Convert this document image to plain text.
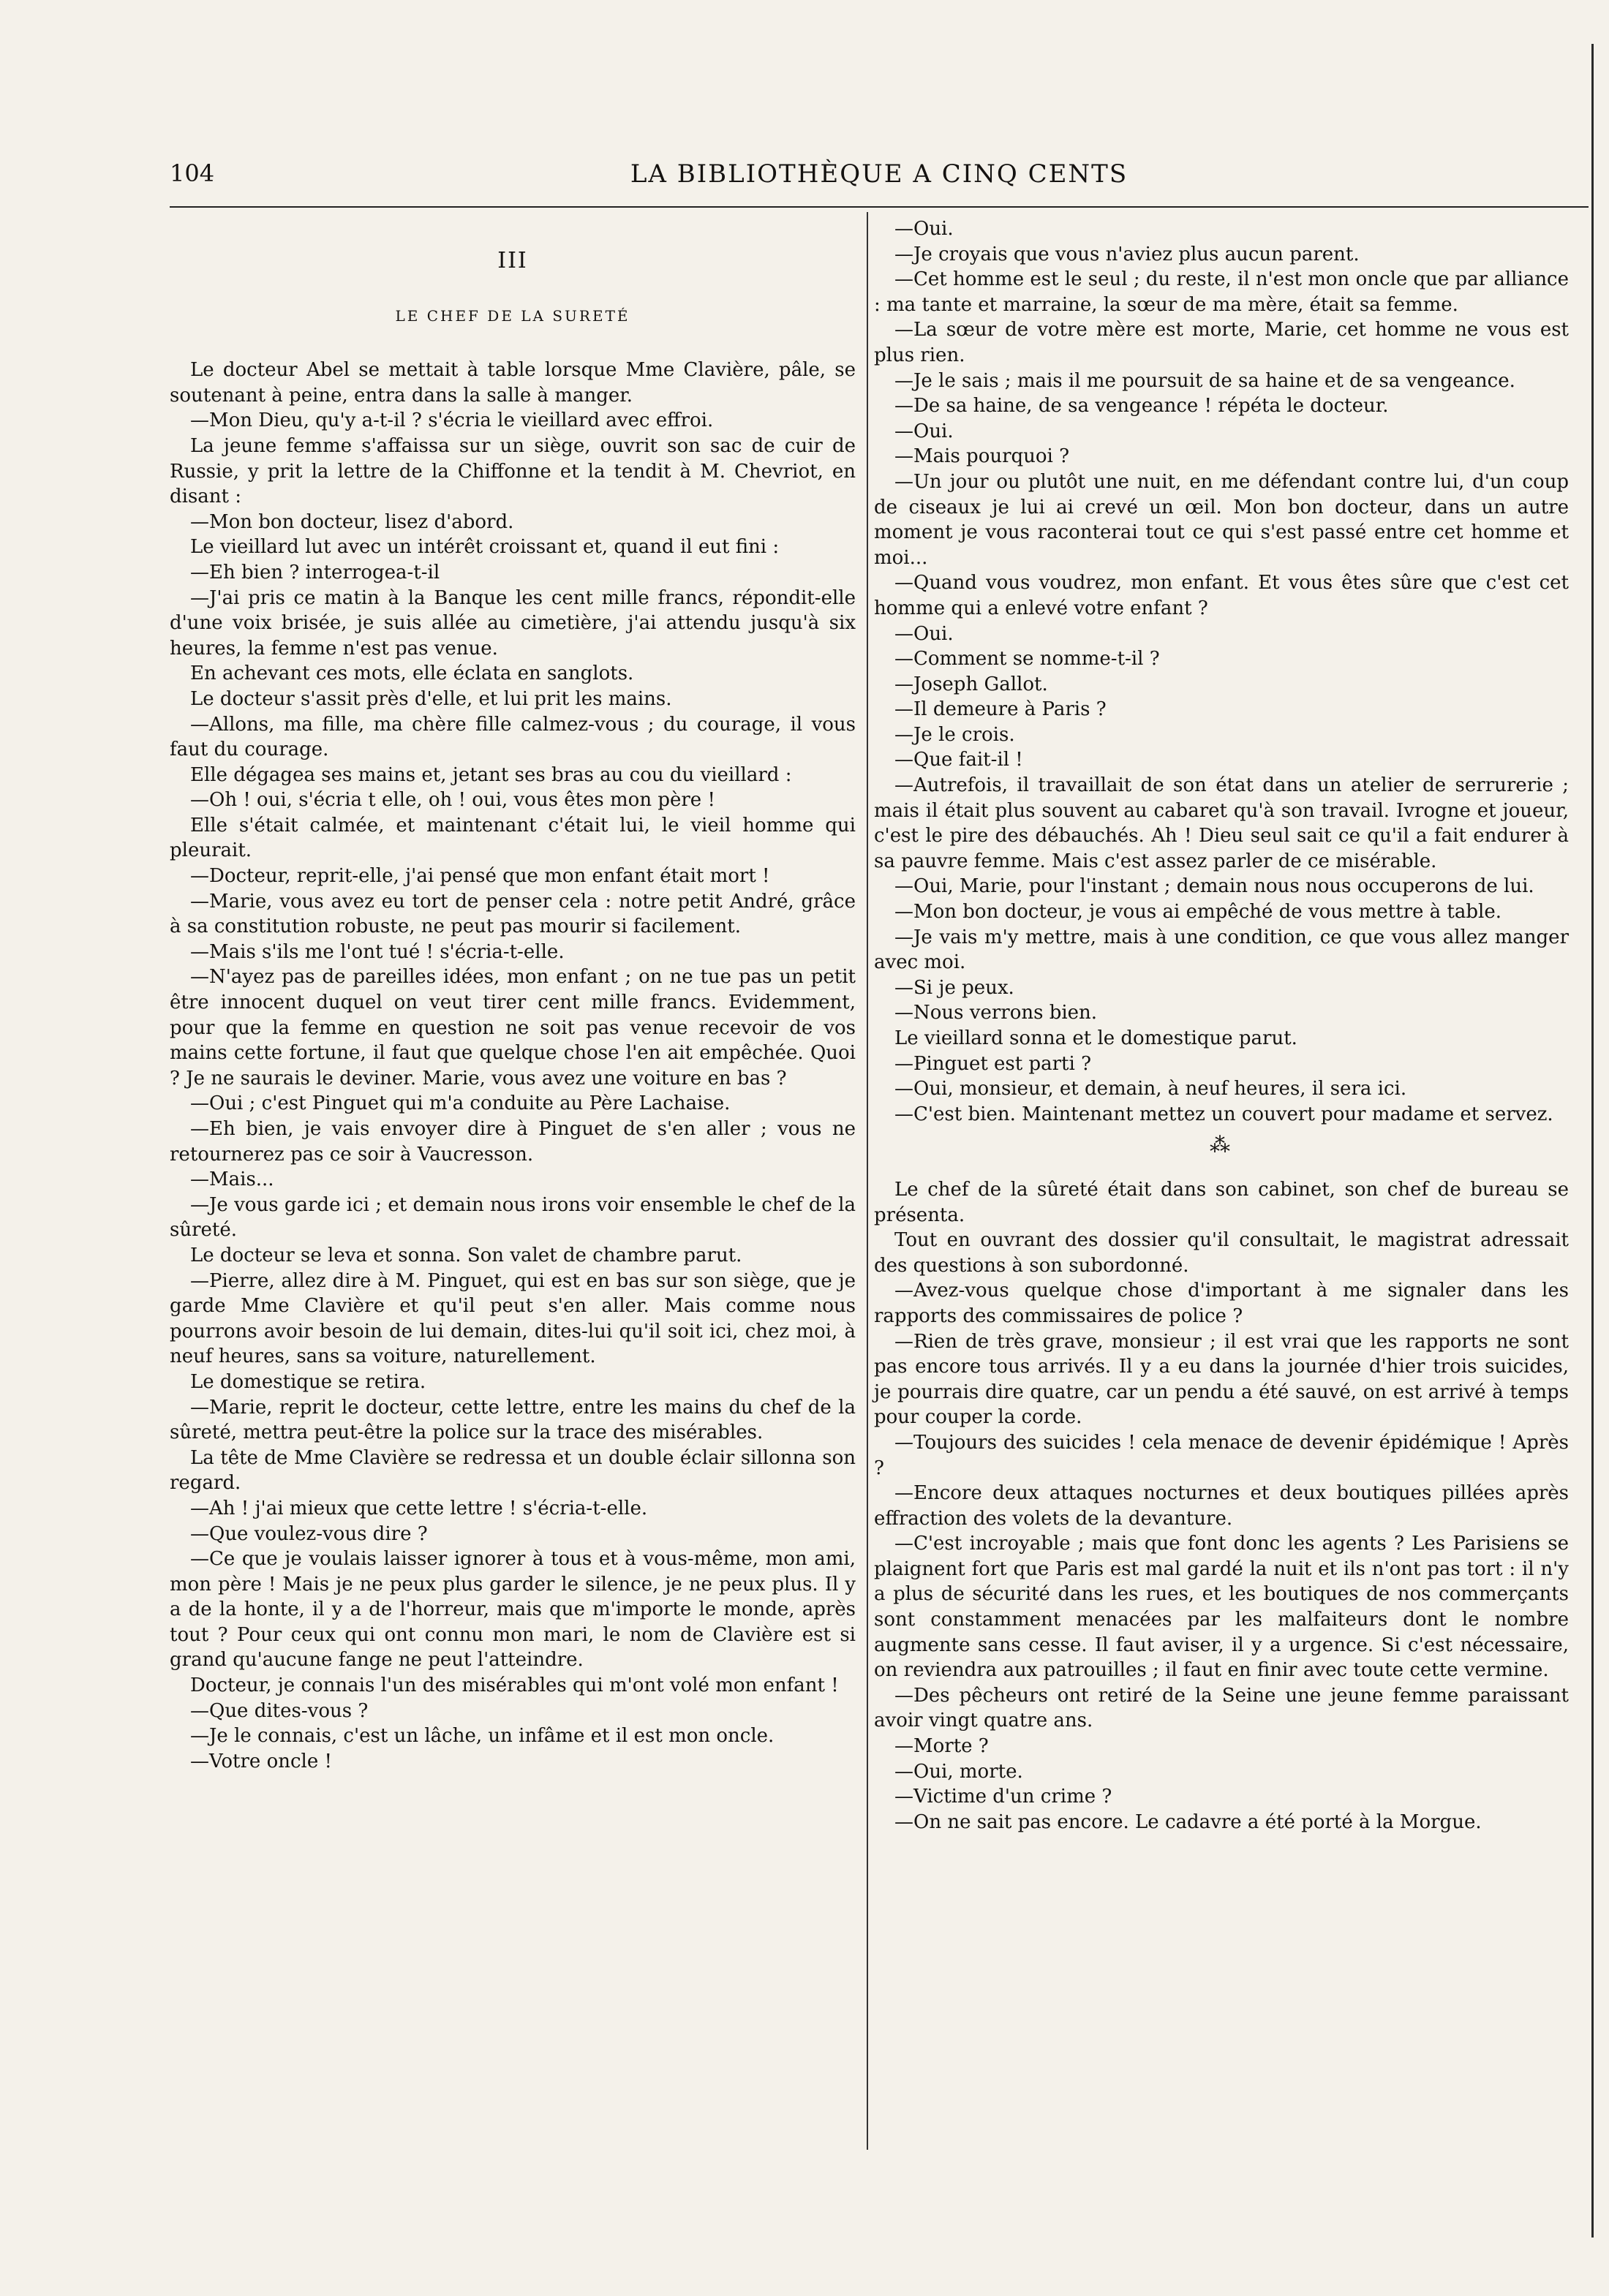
104	LA BIBLIOTHÈQUE A CINQ CENTS
III
LE CHEF DE LA SURETÉ

Le docteur Abel se mettait à table lorsque Mme Clavière, pâle, se soutenant à peine, entra dans la salle à manger.

—Mon Dieu, qu'y a-t-il ? s'écria le vieillard avec effroi.

La jeune femme s'affaissa sur un siège, ouvrit son sac de cuir de Russie, y prit la lettre de la Chiffonne et la tendit à M. Chevriot, en disant :

—Mon bon docteur, lisez d'abord.

Le vieillard lut avec un intérêt croissant et, quand il eut fini :

—Eh bien ? interrogea-t-il

—J'ai pris ce matin à la Banque les cent mille francs, répondit-elle d'une voix brisée, je suis allée au cimetière, j'ai attendu jusqu'à six heures, la femme n'est pas venue.

En achevant ces mots, elle éclata en sanglots.

Le docteur s'assit près d'elle, et lui prit les mains.

—Allons, ma fille, ma chère fille calmez-vous ; du courage, il vous faut du courage.

Elle dégagea ses mains et, jetant ses bras au cou du vieillard :

—Oh ! oui, s'écria t elle, oh ! oui, vous êtes mon père !

Elle s'était calmée, et maintenant c'était lui, le vieil homme qui pleurait.

—Docteur, reprit-elle, j'ai pensé que mon enfant était mort !

—Marie, vous avez eu tort de penser cela : notre petit André, grâce à sa constitution robuste, ne peut pas mourir si facilement.

—Mais s'ils me l'ont tué ! s'écria-t-elle.

—N'ayez pas de pareilles idées, mon enfant ; on ne tue pas un petit être innocent duquel on veut tirer cent mille francs. Evidemment, pour que la femme en question ne soit pas venue recevoir de vos mains cette fortune, il faut que quelque chose l'en ait empêchée. Quoi ? Je ne saurais le deviner. Marie, vous avez une voiture en bas ?

—Oui ; c'est Pinguet qui m'a conduite au Père Lachaise.

—Eh bien, je vais envoyer dire à Pinguet de s'en aller ; vous ne retournerez pas ce soir à Vaucresson.

—Mais...

—Je vous garde ici ; et demain nous irons voir ensemble le chef de la sûreté.

Le docteur se leva et sonna. Son valet de chambre parut.

—Pierre, allez dire à M. Pinguet, qui est en bas sur son siège, que je garde Mme Clavière et qu'il peut s'en aller. Mais comme nous pourrons avoir besoin de lui demain, dites-lui qu'il soit ici, chez moi, à neuf heures, sans sa voiture, naturellement.

Le domestique se retira.

—Marie, reprit le docteur, cette lettre, entre les mains du chef de la sûreté, mettra peut-être la police sur la trace des misérables.

La tête de Mme Clavière se redressa et un double éclair sillonna son regard.

—Ah ! j'ai mieux que cette lettre ! s'écria-t-elle.

—Que voulez-vous dire ?

—Ce que je voulais laisser ignorer à tous et à vous-même, mon ami, mon père ! Mais je ne peux plus garder le silence, je ne peux plus. Il y a de la honte, il y a de l'horreur, mais que m'importe le monde, après tout ? Pour ceux qui ont connu mon mari, le nom de Clavière est si grand qu'aucune fange ne peut l'atteindre.

Docteur, je connais l'un des misérables qui m'ont volé mon enfant !

—Que dites-vous ?

—Je le connais, c'est un lâche, un infâme et il est mon oncle.

—Votre oncle !

—Oui.

—Je croyais que vous n'aviez plus aucun parent.

—Cet homme est le seul ; du reste, il n'est mon oncle que par alliance : ma tante et marraine, la sœur de ma mère, était sa femme.

—La sœur de votre mère est morte, Marie, cet homme ne vous est plus rien.

—Je le sais ; mais il me poursuit de sa haine et de sa vengeance.

—De sa haine, de sa vengeance ! répéta le docteur.

—Oui.

—Mais pourquoi ?

—Un jour ou plutôt une nuit, en me défendant contre lui, d'un coup de ciseaux je lui ai crevé un œil. Mon bon docteur, dans un autre moment je vous raconterai tout ce qui s'est passé entre cet homme et moi...

—Quand vous voudrez, mon enfant. Et vous êtes sûre que c'est cet homme qui a enlevé votre enfant ?

—Oui.

—Comment se nomme-t-il ?

—Joseph Gallot.

—Il demeure à Paris ?

—Je le crois.

—Que fait-il !

—Autrefois, il travaillait de son état dans un atelier de serrurerie ; mais il était plus souvent au cabaret qu'à son travail. Ivrogne et joueur, c'est le pire des débauchés. Ah ! Dieu seul sait ce qu'il a fait endurer à sa pauvre femme. Mais c'est assez parler de ce misérable.

—Oui, Marie, pour l'instant ; demain nous nous occuperons de lui.

—Mon bon docteur, je vous ai empêché de vous mettre à table.

—Je vais m'y mettre, mais à une condition, ce que vous allez manger avec moi.

—Si je peux.

—Nous verrons bien.

Le vieillard sonna et le domestique parut.

—Pinguet est parti ?

—Oui, monsieur, et demain, à neuf heures, il sera ici.

—C'est bien. Maintenant mettez un couvert pour madame et servez.

⁂

Le chef de la sûreté était dans son cabinet, son chef de bureau se présenta.

Tout en ouvrant des dossier qu'il consultait, le magistrat adressait des questions à son subordonné.

—Avez-vous quelque chose d'important à me signaler dans les rapports des commissaires de police ?

—Rien de très grave, monsieur ; il est vrai que les rapports ne sont pas encore tous arrivés. Il y a eu dans la journée d'hier trois suicides, je pourrais dire quatre, car un pendu a été sauvé, on est arrivé à temps pour couper la corde.

—Toujours des suicides ! cela menace de devenir épidémique ! Après ?

—Encore deux attaques nocturnes et deux boutiques pillées après effraction des volets de la devanture.

—C'est incroyable ; mais que font donc les agents ? Les Parisiens se plaignent fort que Paris est mal gardé la nuit et ils n'ont pas tort : il n'y a plus de sécurité dans les rues, et les boutiques de nos commerçants sont constamment menacées par les malfaiteurs dont le nombre augmente sans cesse. Il faut aviser, il y a urgence. Si c'est nécessaire, on reviendra aux patrouilles ; il faut en finir avec toute cette vermine.

—Des pêcheurs ont retiré de la Seine une jeune femme paraissant avoir vingt quatre ans.

—Morte ?

—Oui, morte.

—Victime d'un crime ?

—On ne sait pas encore. Le cadavre a été porté à la Morgue.
